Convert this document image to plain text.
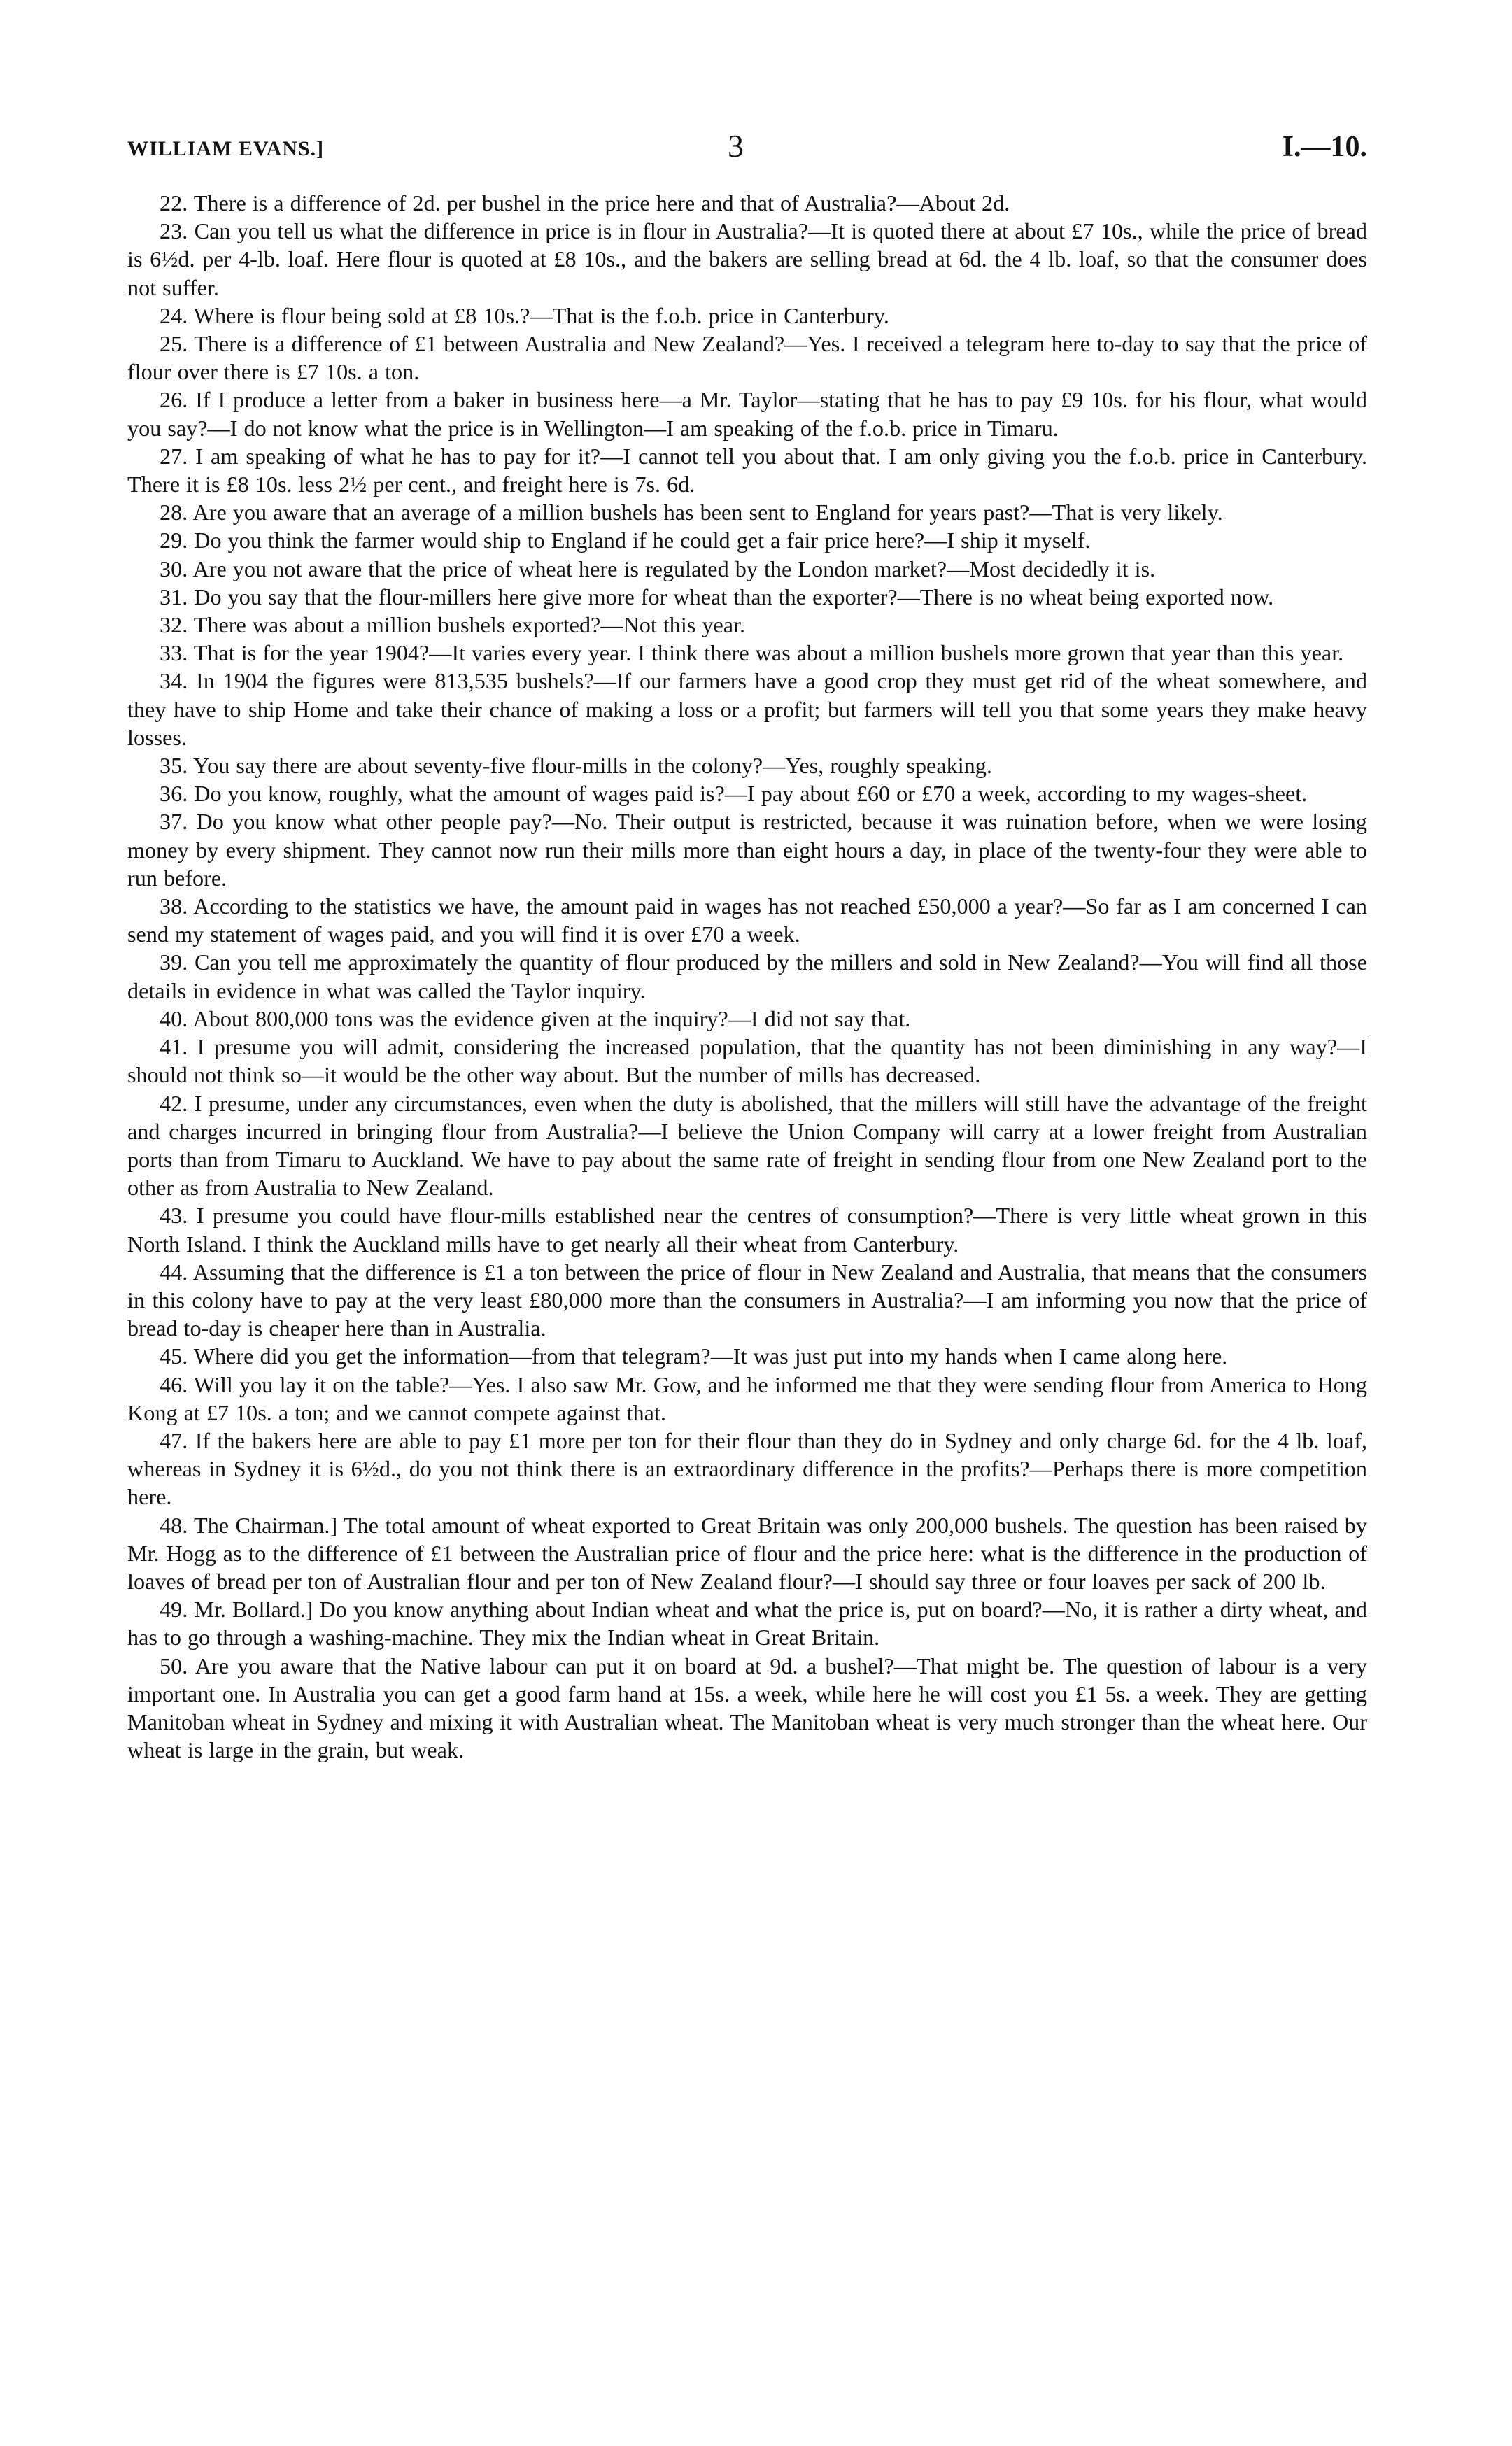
WILLIAM EVANS.]	3	I.—10.

22. There is a difference of 2d. per bushel in the price here and that of Australia?—About 2d.

23. Can you tell us what the difference in price is in flour in Australia?—It is quoted there at about £7 10s., while the price of bread is 6½d. per 4-lb. loaf. Here flour is quoted at £8 10s., and the bakers are selling bread at 6d. the 4 lb. loaf, so that the consumer does not suffer.

24. Where is flour being sold at £8 10s.?—That is the f.o.b. price in Canterbury.

25. There is a difference of £1 between Australia and New Zealand?—Yes. I received a telegram here to-day to say that the price of flour over there is £7 10s. a ton.

26. If I produce a letter from a baker in business here—a Mr. Taylor—stating that he has to pay £9 10s. for his flour, what would you say?—I do not know what the price is in Wellington—I am speaking of the f.o.b. price in Timaru.

27. I am speaking of what he has to pay for it?—I cannot tell you about that. I am only giving you the f.o.b. price in Canterbury. There it is £8 10s. less 2½ per cent., and freight here is 7s. 6d.

28. Are you aware that an average of a million bushels has been sent to England for years past?—That is very likely.

29. Do you think the farmer would ship to England if he could get a fair price here?—I ship it myself.

30. Are you not aware that the price of wheat here is regulated by the London market?—Most decidedly it is.

31. Do you say that the flour-millers here give more for wheat than the exporter?—There is no wheat being exported now.

32. There was about a million bushels exported?—Not this year.

33. That is for the year 1904?—It varies every year. I think there was about a million bushels more grown that year than this year.

34. In 1904 the figures were 813,535 bushels?—If our farmers have a good crop they must get rid of the wheat somewhere, and they have to ship Home and take their chance of making a loss or a profit; but farmers will tell you that some years they make heavy losses.

35. You say there are about seventy-five flour-mills in the colony?—Yes, roughly speaking.

36. Do you know, roughly, what the amount of wages paid is?—I pay about £60 or £70 a week, according to my wages-sheet.

37. Do you know what other people pay?—No. Their output is restricted, because it was ruination before, when we were losing money by every shipment. They cannot now run their mills more than eight hours a day, in place of the twenty-four they were able to run before.

38. According to the statistics we have, the amount paid in wages has not reached £50,000 a year?—So far as I am concerned I can send my statement of wages paid, and you will find it is over £70 a week.

39. Can you tell me approximately the quantity of flour produced by the millers and sold in New Zealand?—You will find all those details in evidence in what was called the Taylor inquiry.

40. About 800,000 tons was the evidence given at the inquiry?—I did not say that.

41. I presume you will admit, considering the increased population, that the quantity has not been diminishing in any way?—I should not think so—it would be the other way about. But the number of mills has decreased.

42. I presume, under any circumstances, even when the duty is abolished, that the millers will still have the advantage of the freight and charges incurred in bringing flour from Australia?—I believe the Union Company will carry at a lower freight from Australian ports than from Timaru to Auckland. We have to pay about the same rate of freight in sending flour from one New Zealand port to the other as from Australia to New Zealand.

43. I presume you could have flour-mills established near the centres of consumption?—There is very little wheat grown in this North Island. I think the Auckland mills have to get nearly all their wheat from Canterbury.

44. Assuming that the difference is £1 a ton between the price of flour in New Zealand and Australia, that means that the consumers in this colony have to pay at the very least £80,000 more than the consumers in Australia?—I am informing you now that the price of bread to-day is cheaper here than in Australia.

45. Where did you get the information—from that telegram?—It was just put into my hands when I came along here.

46. Will you lay it on the table?—Yes. I also saw Mr. Gow, and he informed me that they were sending flour from America to Hong Kong at £7 10s. a ton; and we cannot compete against that.

47. If the bakers here are able to pay £1 more per ton for their flour than they do in Sydney and only charge 6d. for the 4 lb. loaf, whereas in Sydney it is 6½d., do you not think there is an extraordinary difference in the profits?—Perhaps there is more competition here.

48. The Chairman.] The total amount of wheat exported to Great Britain was only 200,000 bushels. The question has been raised by Mr. Hogg as to the difference of £1 between the Australian price of flour and the price here: what is the difference in the production of loaves of bread per ton of Australian flour and per ton of New Zealand flour?—I should say three or four loaves per sack of 200 lb.

49. Mr. Bollard.] Do you know anything about Indian wheat and what the price is, put on board?—No, it is rather a dirty wheat, and has to go through a washing-machine. They mix the Indian wheat in Great Britain.

50. Are you aware that the Native labour can put it on board at 9d. a bushel?—That might be. The question of labour is a very important one. In Australia you can get a good farm hand at 15s. a week, while here he will cost you £1 5s. a week. They are getting Manitoban wheat in Sydney and mixing it with Australian wheat. The Manitoban wheat is very much stronger than the wheat here. Our wheat is large in the grain, but weak.
